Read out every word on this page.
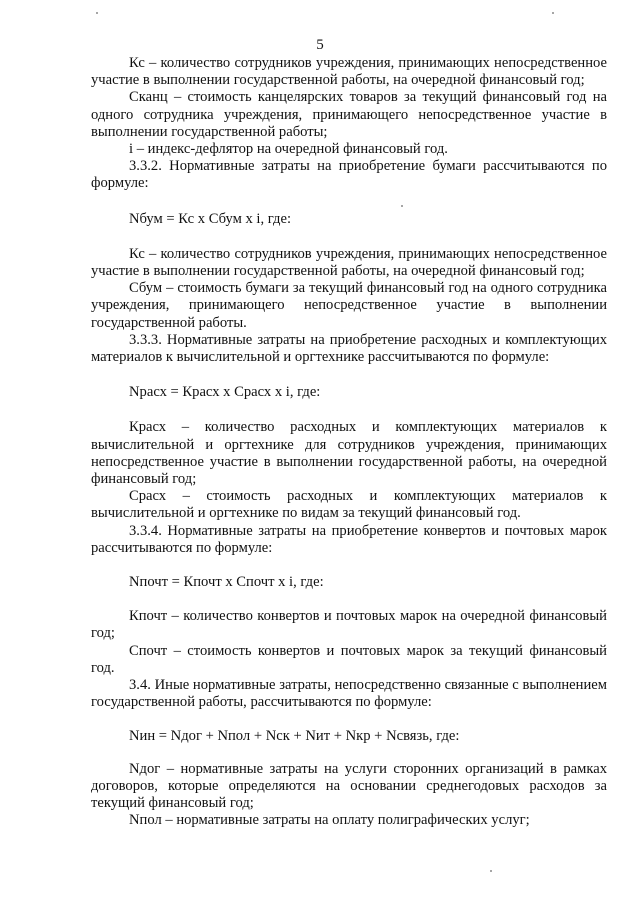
5

Кс – количество сотрудников учреждения, принимающих непосредственное участие в выполнении государственной работы, на очередной финансовый год;

Сканц – стоимость канцелярских товаров за текущий финансовый год на одного сотрудника учреждения, принимающего непосредственное участие в выполнении государственной работы;

i – индекс-дефлятор на очередной финансовый год.

3.3.2. Нормативные затраты на приобретение бумаги рассчитываются по формуле:

Nбум = Кс х Сбум х i, где:

Кс – количество сотрудников учреждения, принимающих непосредственное участие в выполнении государственной работы, на очередной финансовый год;

Сбум – стоимость бумаги за текущий финансовый год на одного сотрудника учреждения, принимающего непосредственное участие в выполнении государственной работы.

3.3.3. Нормативные затраты на приобретение расходных и комплектующих материалов к вычислительной и оргтехнике рассчитываются по формуле:

Nрасх = Красх х Срасх х i, где:

Красх – количество расходных и комплектующих материалов к вычислительной и оргтехнике для сотрудников учреждения, принимающих непосредственное участие в выполнении государственной работы, на очередной финансовый год;

Срасх – стоимость расходных и комплектующих материалов к вычислительной и оргтехнике по видам за текущий финансовый год.

3.3.4. Нормативные затраты на приобретение конвертов и почтовых марок рассчитываются по формуле:

Nпочт = Кпочт х Спочт х i, где:

Кпочт – количество конвертов и почтовых марок на очередной финансовый год;

Спочт – стоимость конвертов и почтовых марок за текущий финансовый год.

3.4. Иные нормативные затраты, непосредственно связанные с выполнением государственной работы, рассчитываются по формуле:

Nин = Nдог + Nпол + Nск + Nит + Nкр + Nсвязь, где:

Nдог – нормативные затраты на услуги сторонних организаций в рамках договоров, которые определяются на основании среднегодовых расходов за текущий финансовый год;

Nпол – нормативные затраты на оплату полиграфических услуг;
